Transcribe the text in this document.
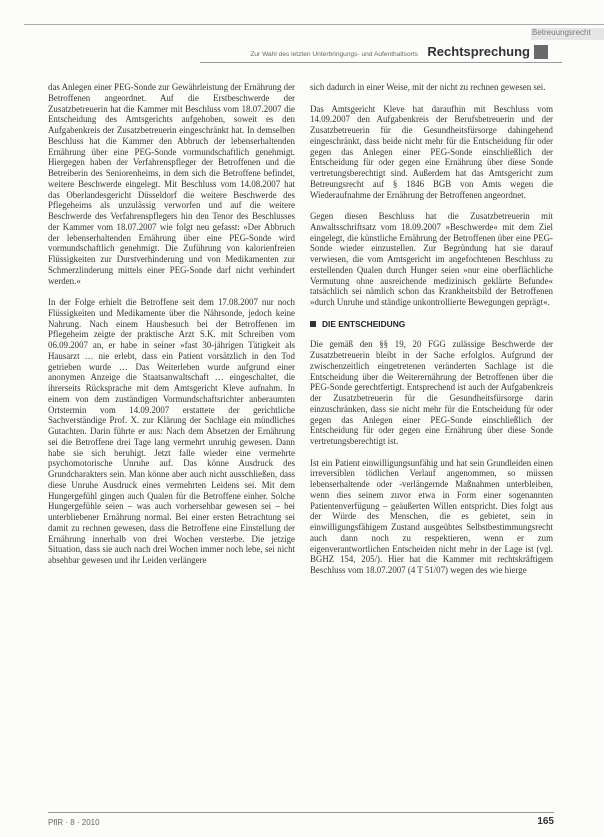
Betreuungsrecht
Zur Wahl des letzten Unterbringungs- und Aufenthaltsorts Rechtsprechung

das Anlegen einer PEG-Sonde zur Gewährleistung der Ernährung der Betroffenen angeordnet. Auf die Erstbeschwerde der Zusatzbetreuerin hat die Kammer mit Beschluss vom 18.07.2007 die Entscheidung des Amtsgerichts aufgehoben, soweit es den Aufgabenkreis der Zusatzbetreuerin eingeschränkt hat. In demselben Beschluss hat die Kammer den Abbruch der lebenserhaltenden Ernährung über eine PEG-Sonde vormundschaftlich genehmigt. Hiergegen haben der Verfahrenspfleger der Betroffenen und die Betreiberin des Seniorenheims, in dem sich die Betroffene befindet, weitere Beschwerde eingelegt. Mit Beschluss vom 14.08.2007 hat das Oberlandesgericht Düsseldorf die weitere Beschwerde des Pflegeheims als unzulässig verworfen und auf die weitere Beschwerde des Verfahrenspflegers hin den Tenor des Beschlusses der Kammer vom 18.07.2007 wie folgt neu gefasst: »Der Abbruch der lebenserhaltenden Ernährung über eine PEG-Sonde wird vormundschaftlich genehmigt. Die Zuführung von kalorienfreien Flüssigkeiten zur Durstverhinderung und von Medikamenten zur Schmerzlinderung mittels einer PEG-Sonde darf nicht verhindert werden.«

In der Folge erhielt die Betroffene seit dem 17.08.2007 nur noch Flüssigkeiten und Medikamente über die Nährsonde, jedoch keine Nahrung. Nach einem Hausbesuch bei der Betroffenen im Pflegeheim zeigte der praktische Arzt S.K. mit Schreiben vom 06.09.2007 an, er habe in seiner »fast 30-jährigen Tätigkeit als Hausarzt … nie erlebt, dass ein Patient vorsätzlich in den Tod getrieben wurde … Das Weiterleben wurde aufgrund einer anonymen Anzeige die Staatsanwaltschaft … eingeschaltet, die ihrerseits Rücksprache mit dem Amtsgericht Kleve aufnahm. In einem von dem zuständigen Vormundschaftsrichter anberaumten Ortstermin vom 14.09.2007 erstattete der gerichtliche Sachverständige Prof. X. zur Klärung der Sachlage ein mündliches Gutachten. Darin führte er aus: Nach dem Absetzen der Ernährung sei die Betroffene drei Tage lang vermehrt unruhig gewesen. Dann habe sie sich beruhigt. Jetzt falle wieder eine vermehrte psychomotorische Unruhe auf. Das könne Ausdruck des Grundcharakters sein. Man könne aber auch nicht ausschließen, dass diese Unruhe Ausdruck eines vermehrten Leidens sei. Mit dem Hungergefühl gingen auch Qualen für die Betroffene einher. Solche Hungergefühle seien – was auch vorhersehbar gewesen sei – bei unterbliebener Ernährung normal. Bei einer ersten Betrachtung sei damit zu rechnen gewesen, dass die Betroffene eine Einstellung der Ernährung innerhalb von drei Wochen versterbe. Die jetzige Situation, dass sie auch nach drei Wochen immer noch lebe, sei nicht absehbar gewesen und ihr Leiden verlängere

sich dadurch in einer Weise, mit der nicht zu rechnen gewesen sei.

Das Amtsgericht Kleve hat daraufhin mit Beschluss vom 14.09.2007 den Aufgabenkreis der Berufsbetreuerin und der Zusatzbetreuerin für die Gesundheitsfürsorge dahingehend eingeschränkt, dass beide nicht mehr für die Entscheidung für oder gegen das Anlegen einer PEG-Sonde einschließlich der Entscheidung für oder gegen eine Ernährung über diese Sonde vertretungsberechtigt sind. Außerdem hat das Amtsgericht zum Betreungsrecht auf § 1846 BGB von Amts wegen die Wiederaufnahme der Ernährung der Betroffenen angeordnet.

Gegen diesen Beschluss hat die Zusatzbetreuerin mit Anwaltsschriftsatz vom 18.09.2007 »Beschwerde« mit dem Ziel eingelegt, die künstliche Ernährung der Betroffenen über eine PEG-Sonde wieder einzustellen. Zur Begründung hat sie darauf verwiesen, die vom Amtsgericht im angefochtenen Beschluss zu erstellenden Qualen durch Hunger seien »nur eine oberflächliche Vermutung ohne ausreichende medizinisch geklärte Befunde« tatsächlich sei nämlich schon das Krankheitsbild der Betroffenen »durch Unruhe und ständige unkontrollierte Bewegungen geprägt«.

DIE ENTSCHEIDUNG

Die gemäß den §§ 19, 20 FGG zulässige Beschwerde der Zusatzbetreuerin bleibt in der Sache erfolglos. Aufgrund der zwischenzeitlich eingetretenen veränderten Sachlage ist die Entscheidung über die Weiterernährung der Betroffenen über die PEG-Sonde gerechtfertigt. Entsprechend ist auch der Aufgabenkreis der Zusatzbetreuerin für die Gesundheitsfürsorge darin einzuschränken, dass sie nicht mehr für die Entscheidung für oder gegen das Anlegen einer PEG-Sonde einschließlich der Entscheidung für oder gegen eine Ernährung über diese Sonde vertretungsberechtigt ist.

Ist ein Patient einwilligungsunfähig und hat sein Grundleiden einen irreversiblen tödlichen Verlauf angenommen, so müssen lebenserhaltende oder -verlängernde Maßnahmen unterbleiben, wenn dies seinem zuvor etwa in Form einer sogenannten Patientenverfügung – geäußerten Willen entspricht. Dies folgt aus der Würde des Menschen, die es gebietet, sein in einwilligungsfähigem Zustand ausgeübtes Selbstbestimmungsrecht auch dann noch zu respektieren, wenn er zum eigenverantwortlichen Entscheiden nicht mehr in der Lage ist (vgl. BGHZ 154, 205/). Hier hat die Kammer mit rechtskräftigem Beschluss vom 18.07.2007 (4 T 51/07) wegen des wie hierge

PflR · 8 · 2010	165
